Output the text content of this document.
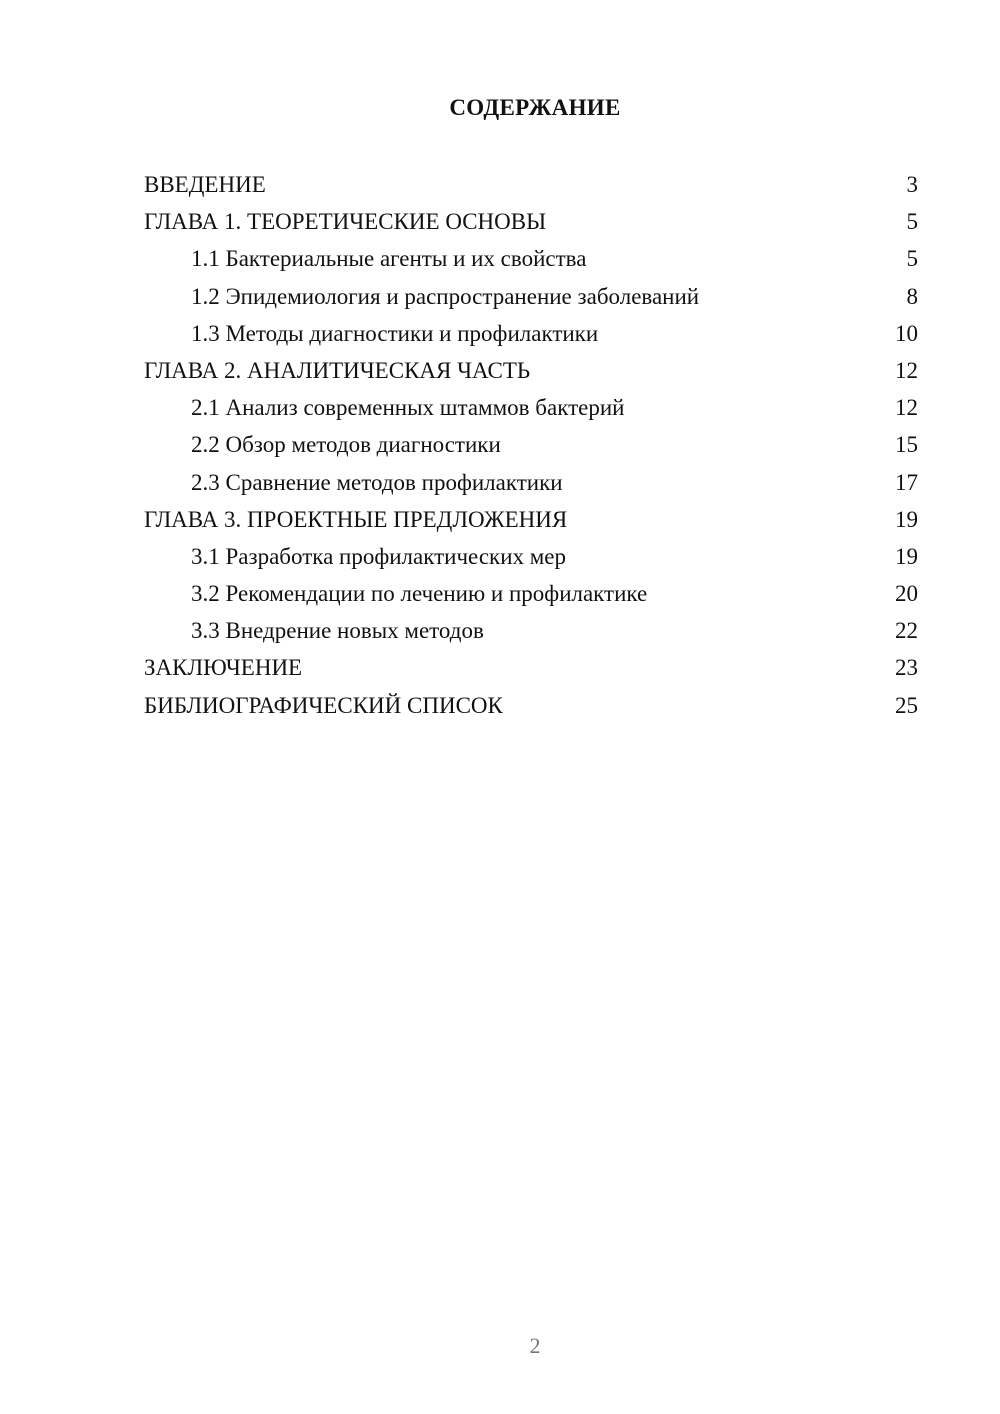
СОДЕРЖАНИЕ
ВВЕДЕНИЕ	3
ГЛАВА 1. ТЕОРЕТИЧЕСКИЕ ОСНОВЫ	5
1.1 Бактериальные агенты и их свойства	5
1.2 Эпидемиология и распространение заболеваний	8
1.3 Методы диагностики и профилактики	10
ГЛАВА 2. АНАЛИТИЧЕСКАЯ ЧАСТЬ	12
2.1 Анализ современных штаммов бактерий	12
2.2 Обзор методов диагностики	15
2.3 Сравнение методов профилактики	17
ГЛАВА 3. ПРОЕКТНЫЕ ПРЕДЛОЖЕНИЯ	19
3.1 Разработка профилактических мер	19
3.2 Рекомендации по лечению и профилактике	20
3.3 Внедрение новых методов	22
ЗАКЛЮЧЕНИЕ	23
БИБЛИОГРАФИЧЕСКИЙ СПИСОК	25
2
